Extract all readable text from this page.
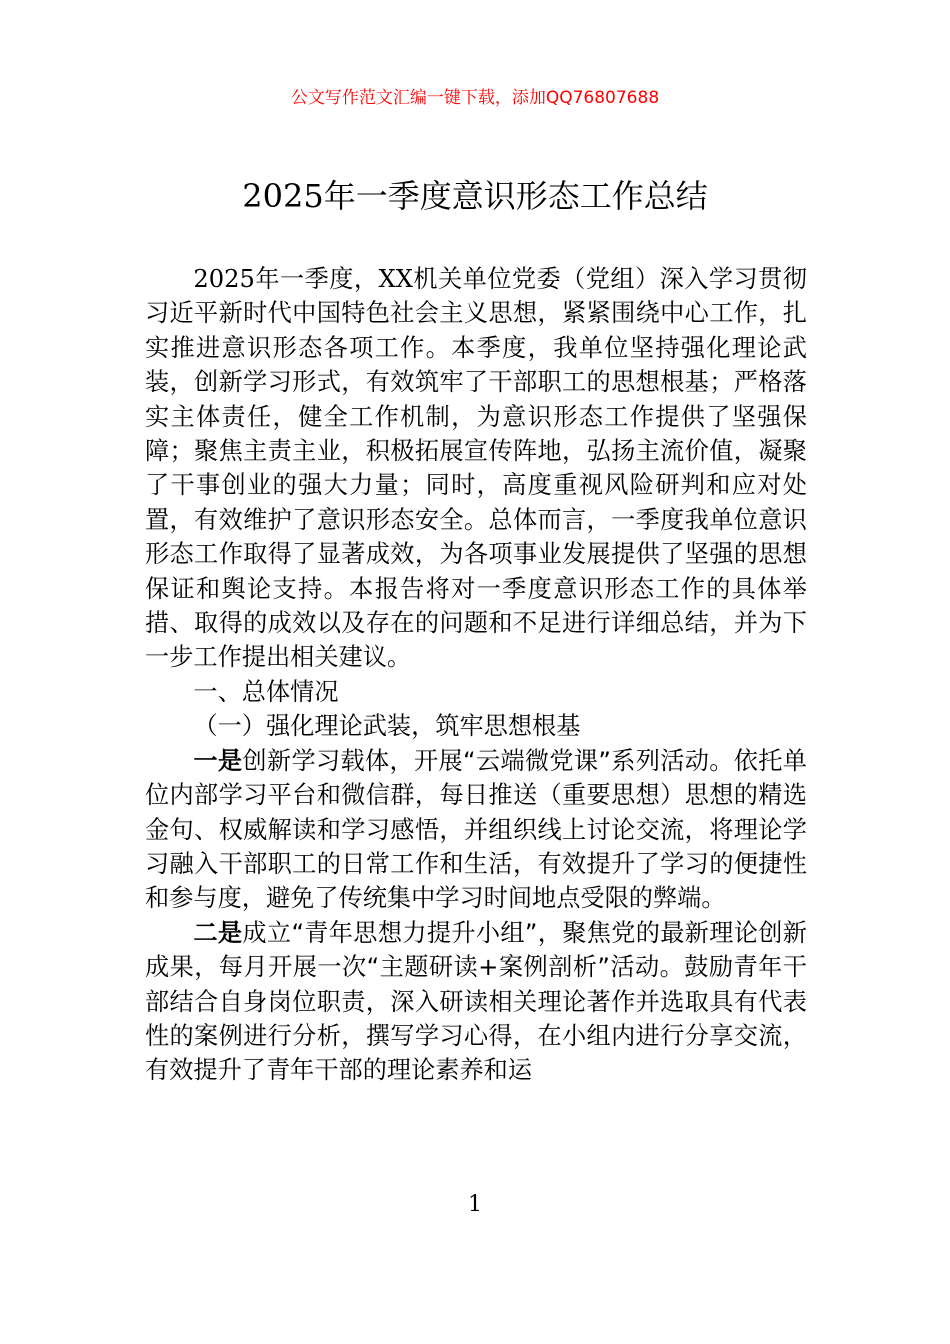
公文写作范文汇编一键下载，添加QQ76807688
2025年一季度意识形态工作总结

2025年一季度，XX机关单位党委（党组）深入学习贯彻习近平新时代中国特色社会主义思想，紧紧围绕中心工作，扎实推进意识形态各项工作。本季度，我单位坚持强化理论武装，创新学习形式，有效筑牢了干部职工的思想根基；严格落实主体责任，健全工作机制，为意识形态工作提供了坚强保障；聚焦主责主业，积极拓展宣传阵地，弘扬主流价值，凝聚了干事创业的强大力量；同时，高度重视风险研判和应对处置，有效维护了意识形态安全。总体而言，一季度我单位意识形态工作取得了显著成效，为各项事业发展提供了坚强的思想保证和舆论支持。本报告将对一季度意识形态工作的具体举措、取得的成效以及存在的问题和不足进行详细总结，并为下一步工作提出相关建议。

一、总体情况

（一）强化理论武装，筑牢思想根基

一是创新学习载体，开展“云端微党课”系列活动。依托单位内部学习平台和微信群，每日推送（重要思想）思想的精选金句、权威解读和学习感悟，并组织线上讨论交流，将理论学习融入干部职工的日常工作和生活，有效提升了学习的便捷性和参与度，避免了传统集中学习时间地点受限的弊端。

二是成立“青年思想力提升小组”，聚焦党的最新理论创新成果，每月开展一次“主题研读+案例剖析”活动。鼓励青年干部结合自身岗位职责，深入研读相关理论著作并选取具有代表性的案例进行分析，撰写学习心得，在小组内进行分享交流，有效提升了青年干部的理论素养和运

1
